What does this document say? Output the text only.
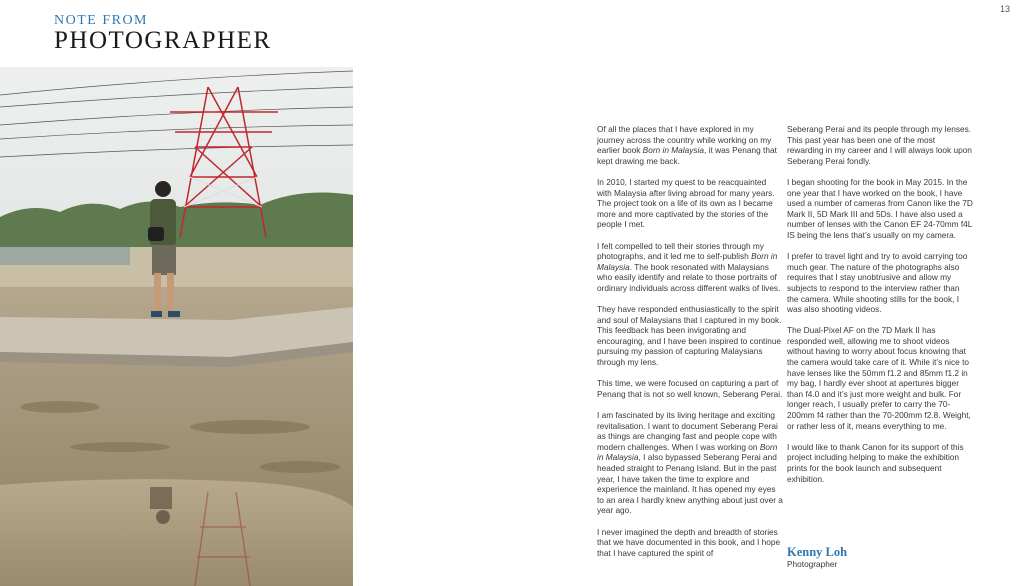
13
NOTE FROM
PHOTOGRAPHER

Of all the places that I have explored in my journey across the country while working on my earlier book Born in Malaysia, it was Penang that kept drawing me back.

In 2010, I started my quest to be reacquainted with Malaysia after living abroad for many years. The project took on a life of its own as I became more and more captivated by the stories of the people I met.

I felt compelled to tell their stories through my photographs, and it led me to self-publish Born in Malaysia. The book resonated with Malaysians who easily identify and relate to those portraits of ordinary individuals across different walks of lives.

They have responded enthusiastically to the spirit and soul of Malaysians that I captured in my book. This feedback has been invigorating and encouraging, and I have been inspired to continue pursuing my passion of capturing Malaysians through my lens.

This time, we were focused on capturing a part of Penang that is not so well known, Seberang Perai.

I am fascinated by its living heritage and exciting revitalisation. I want to document Seberang Perai as things are changing fast and people cope with modern challenges. When I was working on Born in Malaysia, I also bypassed Seberang Perai and headed straight to Penang Island. But in the past year, I have taken the time to explore and experience the mainland. It has opened my eyes to an area I hardly knew anything about just over a year ago.

I never imagined the depth and breadth of stories that we have documented in this book, and I hope that I have captured the spirit of

Seberang Perai and its people through my lenses. This past year has been one of the most rewarding in my career and I will always look upon Seberang Perai fondly.

I began shooting for the book in May 2015. In the one year that I have worked on the book, I have used a number of cameras from Canon like the 7D Mark II, 5D Mark III and 5Ds. I have also used a number of lenses with the Canon EF 24-70mm f4L IS being the lens that’s usually on my camera.

I prefer to travel light and try to avoid carrying too much gear. The nature of the photographs also requires that I stay unobtrusive and allow my subjects to respond to the interview rather than the camera. While shooting stills for the book, I was also shooting videos.

The Dual-Pixel AF on the 7D Mark II has responded well, allowing me to shoot videos without having to worry about focus knowing that the camera would take care of it. While it’s nice to have lenses like the 50mm f1.2 and 85mm f1.2 in my bag, I hardly ever shoot at apertures bigger than f4.0 and it’s just more weight and bulk. For longer reach, I usually prefer to carry the 70-200mm f4 rather than the 70-200mm f2.8. Weight, or rather less of it, means everything to me.

I would like to thank Canon for its support of this project including helping to make the exhibition prints for the book launch and subsequent exhibition.

Kenny Loh
Photographer
